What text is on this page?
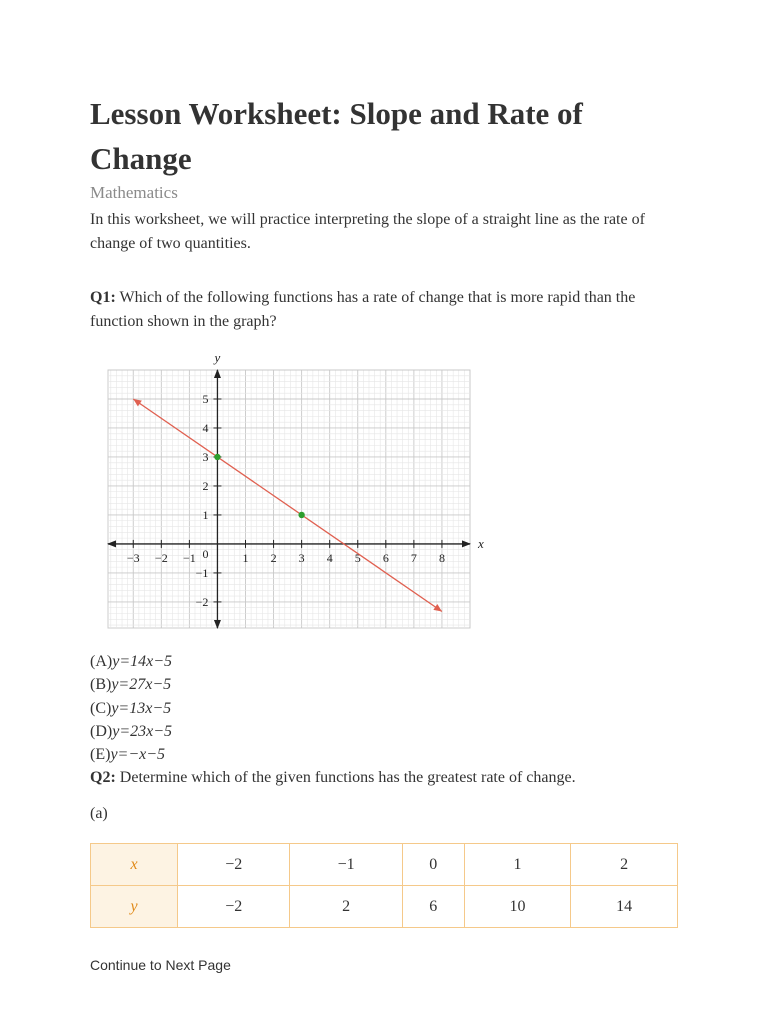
Lesson Worksheet: Slope and Rate of Change
Mathematics
In this worksheet, we will practice interpreting the slope of a straight line as the rate of change of two quantities.
Q1: Which of the following functions has a rate of change that is more rapid than the function shown in the graph?
(A)y=14x−5
(B)y=27x−5
(C)y=13x−5
(D)y=23x−5
(E)y=−x−5
Q2: Determine which of the given functions has the greatest rate of change.
(a)
x	−2	−1	0	1	2
y	−2	2	6	10	14
Continue to Next Page
−3 −2 −1	1 2 3 4 5 6 7 8
−2
−1
1
2
3
4
5
0
x
y
